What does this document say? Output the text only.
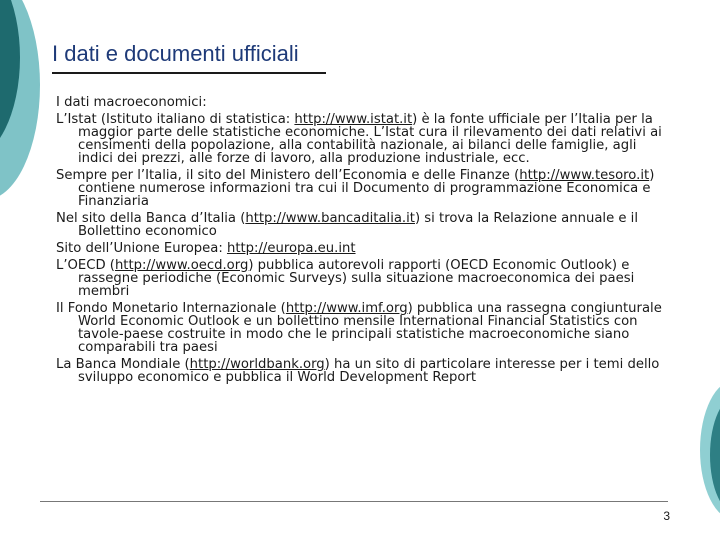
I dati e documenti ufficiali

I dati macroeconomici:

L’Istat (Istituto italiano di statistica: http://www.istat.it) è la fonte ufficiale per l’Italia per la maggior parte delle statistiche economiche. L’Istat cura il rilevamento dei dati relativi ai censimenti della popolazione, alla contabilità nazionale, ai bilanci delle famiglie, agli indici dei prezzi, alle forze di lavoro, alla produzione industriale, ecc.

Sempre per l’Italia, il sito del Ministero dell’Economia e delle Finanze (http://www.tesoro.it) contiene numerose informazioni tra cui il Documento di programmazione Economica e Finanziaria

Nel sito della Banca d’Italia (http://www.bancaditalia.it) si trova la Relazione annuale e il Bollettino economico

Sito dell’Unione Europea: http://europa.eu.int

L’OECD (http://www.oecd.org) pubblica autorevoli rapporti (OECD Economic Outlook) e rassegne periodiche (Economic Surveys) sulla situazione macroeconomica dei paesi membri

Il Fondo Monetario Internazionale (http://www.imf.org) pubblica una rassegna congiunturale World Economic Outlook e un bollettino mensile International Financial Statistics con tavole-paese costruite in modo che le principali statistiche macroeconomiche siano comparabili tra paesi

La Banca Mondiale (http://worldbank.org) ha un sito di particolare interesse per i temi dello sviluppo economico e pubblica il World Development Report

3
